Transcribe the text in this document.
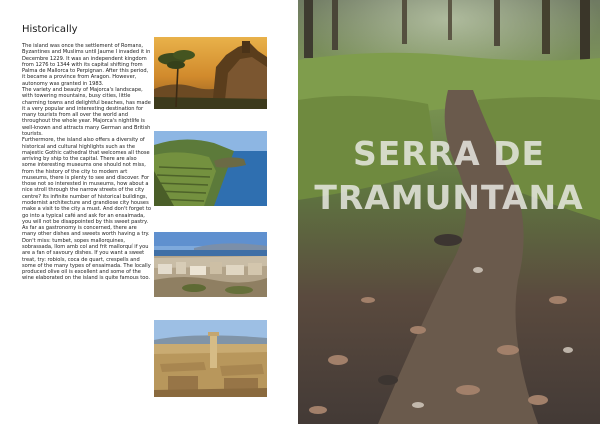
Historically

The island was once the settlement of Romans, Byzantines and Muslims until Jaume I invaded it in Decembre 1229. It was an independent kingdom from 1276 to 1344 with its capital shifting from Palma de Mallorca to Perpignan. After this period, it became a province from Aragon. However, autonomy was granted in 1983.

The variety and beauty of Majorca's landscape, with towering mountains, busy cities, little charming towns and delightful beaches, has made it a very popular and interesting destination for many tourists from all over the world and throughout the whole year. Majorca's nightlife is well-known and attracts many German and British tourists.

Furthermore, the island also offers a diversity of historical and cultural highlights such as the majestic Gothic cathedral that welcomes all those arriving by ship to the capital. There are also some interesting museums one should not miss, from the history of the city to modern art museums, there is plenty to see and discover. For those not so interested in museums, how about a nice stroll through the narrow streets of the city centre? Its infinite number of historical buildings, modernist architecture and grandiose city houses make a visit to the city a must. And don't forget to go into a typical café and ask for an ensaimada, you will not be disappointed by this sweet pastry.

As far as gastronomy is concerned, there are many other dishes and sweets worth having a try. Don't miss: tumbet, sopes mallorquines, sobrassada, llom amb col and frit mallorquí if you are a fan of savoury dishes. If you want a sweet treat, try: robiols, coca de quart, crespells and some of the many types of ensaimada. The locally produced olive oil is excellent and some of the wine elaborated on the island is quite famous too.

SERRA DE
TRAMUNTANA
